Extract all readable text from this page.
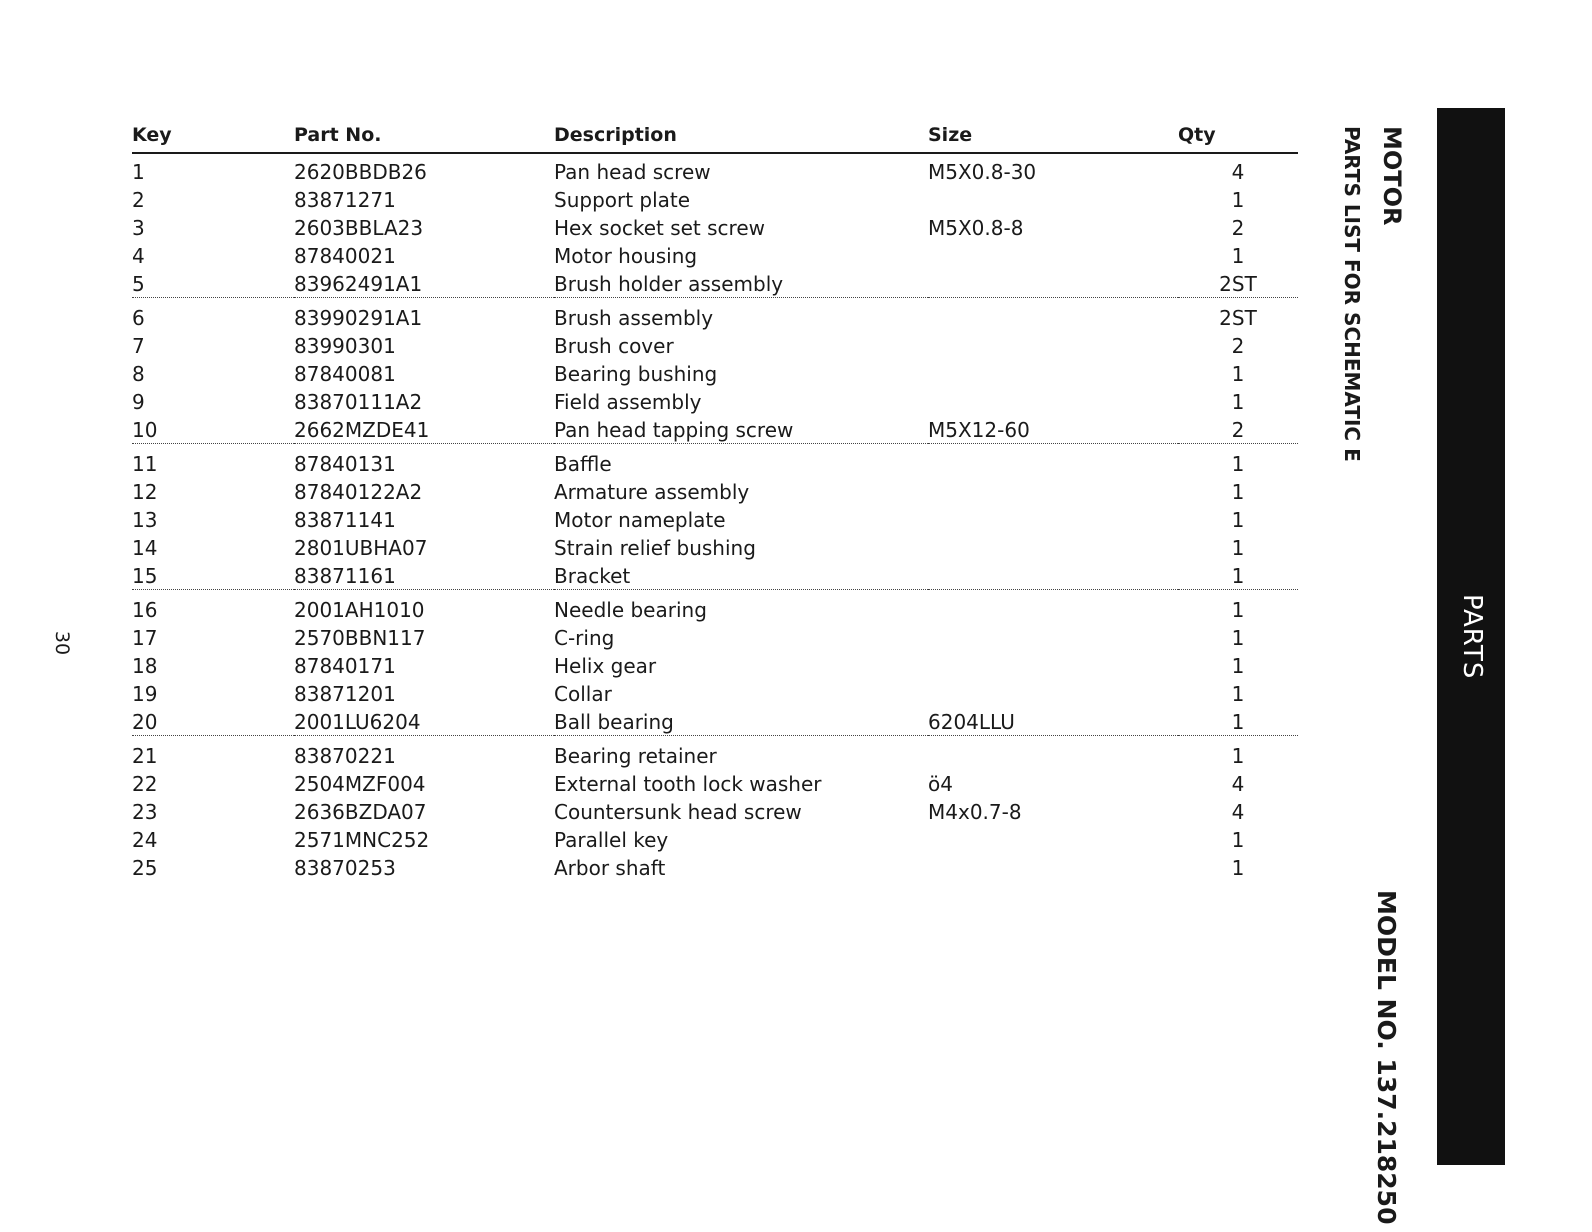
30
Key	Part No.	Description	Size	Qty
1	2620BBDB26	Pan head screw	M5X0.8-30	4
2	83871271	Support plate		1
3	2603BBLA23	Hex socket set screw	M5X0.8-8	2
4	87840021	Motor housing		1
5	83962491A1	Brush holder assembly		2ST
6	83990291A1	Brush assembly		2ST
7	83990301	Brush cover		2
8	87840081	Bearing bushing		1
9	83870111A2	Field assembly		1
10	2662MZDE41	Pan head tapping screw	M5X12-60	2
11	87840131	Baffle		1
12	87840122A2	Armature assembly		1
13	83871141	Motor nameplate		1
14	2801UBHA07	Strain relief bushing		1
15	83871161	Bracket		1
16	2001AH1010	Needle bearing		1
17	2570BBN117	C-ring		1
18	87840171	Helix gear		1
19	83871201	Collar		1
20	2001LU6204	Ball bearing	6204LLU	1
21	83870221	Bearing retainer		1
22	2504MZF004	External tooth lock washer	ö4	4
23	2636BZDA07	Countersunk head screw	M4x0.7-8	4
24	2571MNC252	Parallel key		1
25	83870253	Arbor shaft		1
MOTOR
PARTS LIST FOR SCHEMATIC E
MODEL NO. 137.218250
PARTS
